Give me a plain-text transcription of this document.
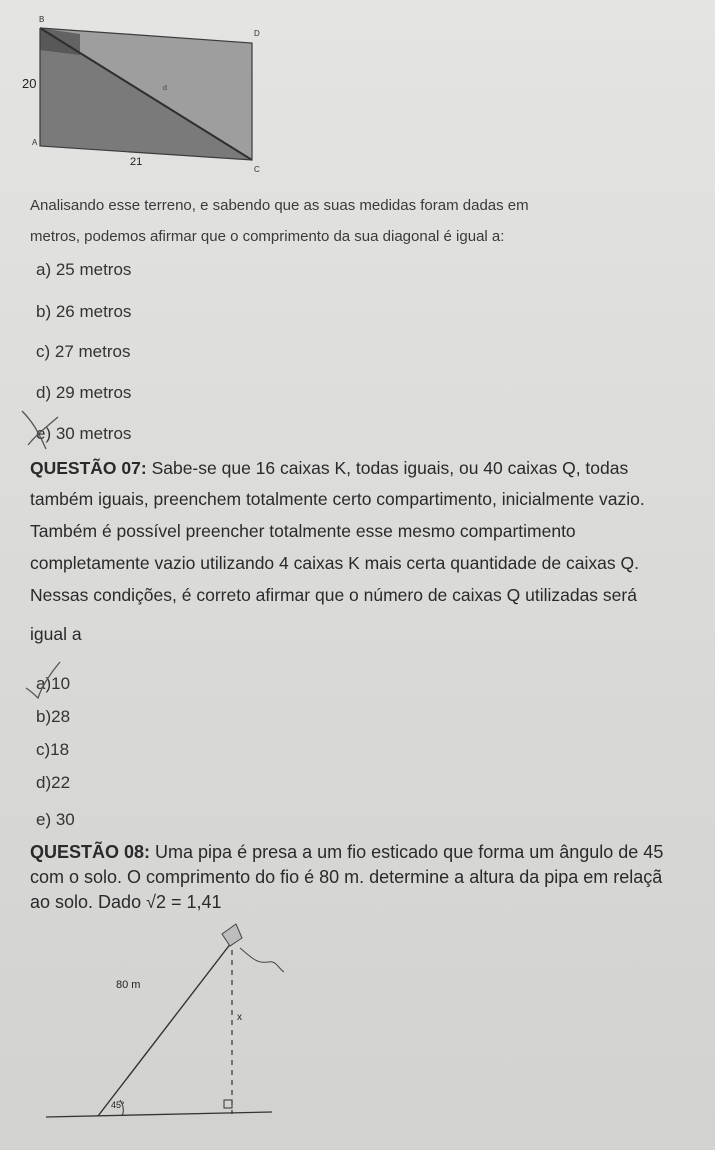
B
D
A
C
d
20
21
Analisando esse terreno, e sabendo que as suas medidas foram dadas em
metros, podemos afirmar que o comprimento da sua diagonal é igual a:
a) 25 metros
b) 26 metros
c) 27 metros
d) 29 metros
e) 30 metros
QUESTÃO 07: Sabe-se que 16 caixas K, todas iguais, ou 40 caixas Q, todas
também iguais, preenchem totalmente certo compartimento, inicialmente vazio.
Também é possível preencher totalmente esse mesmo compartimento
completamente vazio utilizando 4 caixas K mais certa quantidade de caixas Q.
Nessas condições, é correto afirmar que o número de caixas Q utilizadas será
igual a
a)10
b)28
c)18
d)22
e) 30
QUESTÃO 08: Uma pipa é presa a um fio esticado que forma um ângulo de 45
com o solo. O comprimento do fio é 80 m. determine a altura da pipa em relaçã
ao solo. Dado √2 = 1,41
80 m
x
45°
